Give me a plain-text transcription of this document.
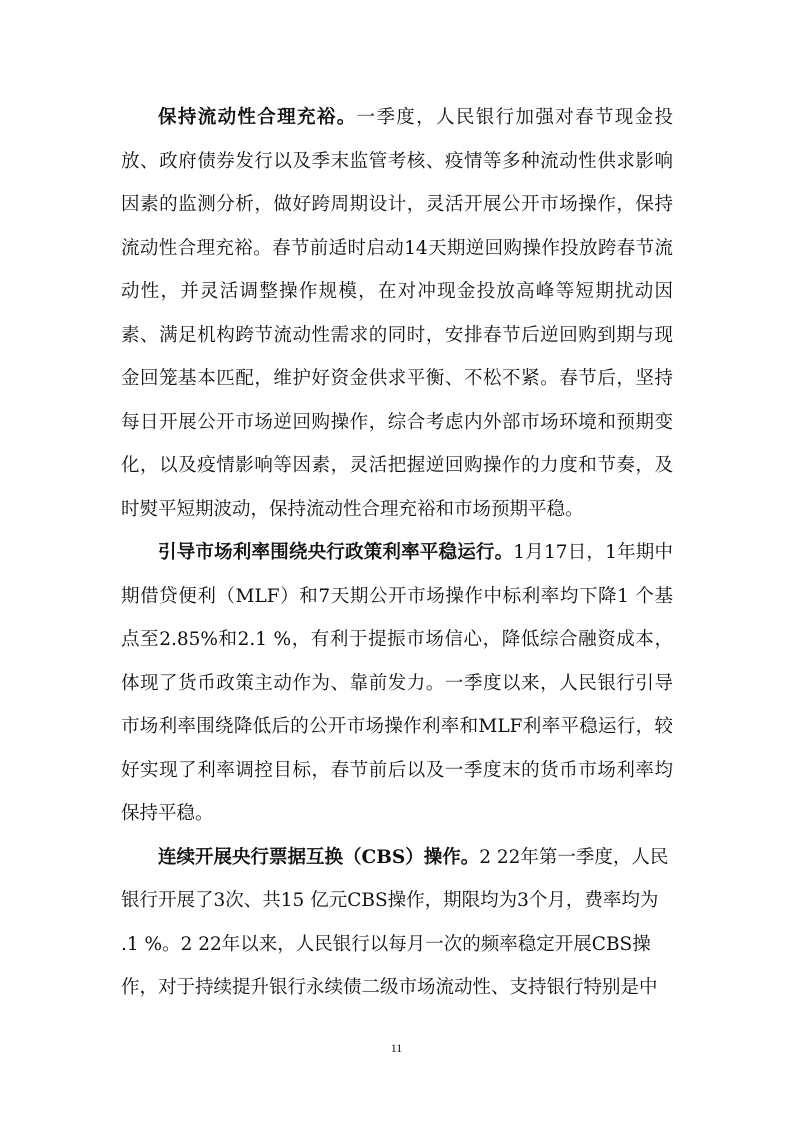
保持流动性合理充裕。一季度，人民银行加强对春节现金投放、政府债券发行以及季末监管考核、疫情等多种流动性供求影响因素的监测分析，做好跨周期设计，灵活开展公开市场操作，保持流动性合理充裕。春节前适时启动14天期逆回购操作投放跨春节流动性，并灵活调整操作规模，在对冲现金投放高峰等短期扰动因素、满足机构跨节流动性需求的同时，安排春节后逆回购到期与现金回笼基本匹配，维护好资金供求平衡、不松不紧。春节后，坚持每日开展公开市场逆回购操作，综合考虑内外部市场环境和预期变化，以及疫情影响等因素，灵活把握逆回购操作的力度和节奏，及时熨平短期波动，保持流动性合理充裕和市场预期平稳。

引导市场利率围绕央行政策利率平稳运行。1月17日，1年期中期借贷便利（MLF）和7天期公开市场操作中标利率均下降1 个基点至2.85%和2.1 %，有利于提振市场信心，降低综合融资成本，体现了货币政策主动作为、靠前发力。一季度以来，人民银行引导市场利率围绕降低后的公开市场操作利率和MLF利率平稳运行，较好实现了利率调控目标，春节前后以及一季度末的货币市场利率均保持平稳。

连续开展央行票据互换（CBS）操作。2 22年第一季度，人民银行开展了3次、共15 亿元CBS操作，期限均为3个月，费率均为 .1 %。2 22年以来，人民银行以每月一次的频率稳定开展CBS操作，对于持续提升银行永续债二级市场流动性、支持银行特别是中

11
